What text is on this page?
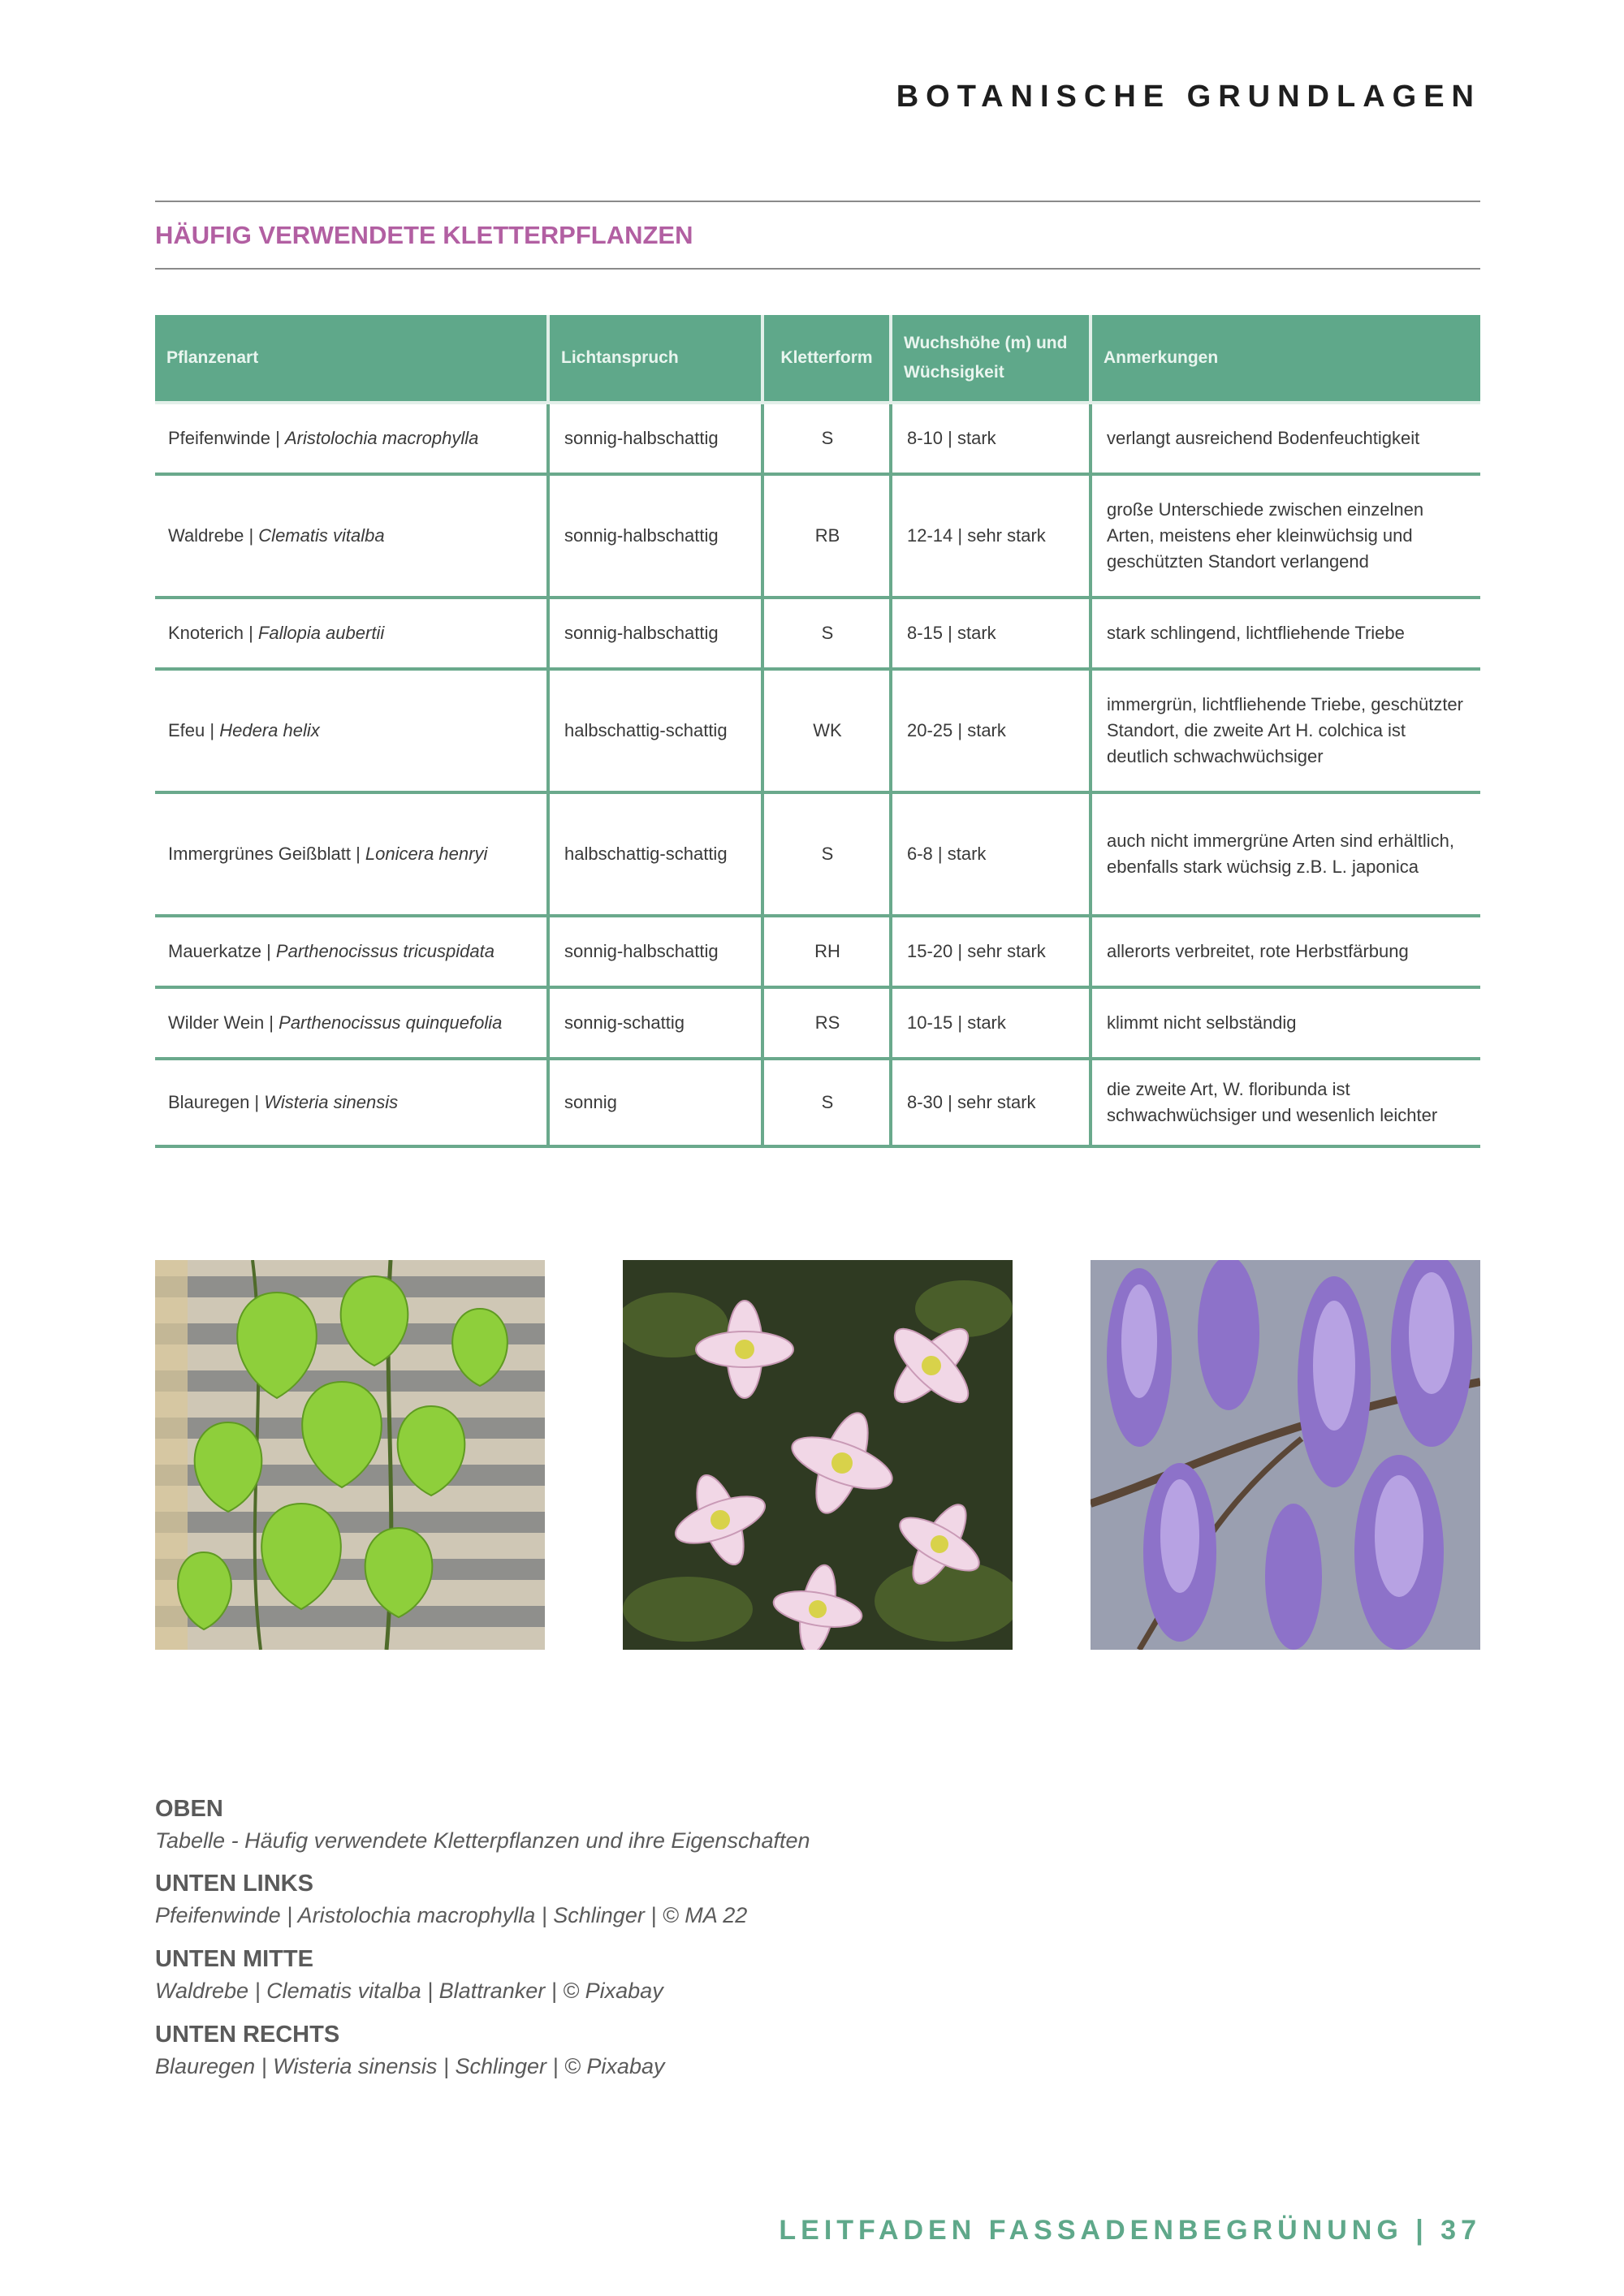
BOTANISCHE GRUNDLAGEN
HÄUFIG VERWENDETE KLETTERPFLANZEN
Pflanzenart	Lichtanspruch	Kletterform	Wuchshöhe (m) und Wüchsigkeit	Anmerkungen
Pfeifenwinde | Aristolochia macrophylla	sonnig-halbschattig	S	8-10 | stark	verlangt ausreichend Bodenfeuchtigkeit
Waldrebe | Clematis vitalba	sonnig-halbschattig	RB	12-14 | sehr stark	große Unterschiede zwischen einzelnen Arten, meistens eher kleinwüchsig und geschützten Standort verlangend
Knoterich | Fallopia aubertii	sonnig-halbschattig	S	8-15 | stark	stark schlingend, lichtfliehende Triebe
Efeu | Hedera helix	halbschattig-schattig	WK	20-25 | stark	immergrün, lichtfliehende Triebe, geschützter Standort, die zweite Art H. colchica ist deutlich schwachwüchsiger
Immergrünes Geißblatt | Lonicera henryi	halbschattig-schattig	S	6-8 | stark	auch nicht immergrüne Arten sind erhältlich, ebenfalls stark wüchsig z.B. L. japonica
Mauerkatze | Parthenocissus tricuspidata	sonnig-halbschattig	RH	15-20 | sehr stark	allerorts verbreitet, rote Herbstfärbung
Wilder Wein | Parthenocissus quinquefolia	sonnig-schattig	RS	10-15 | stark	klimmt nicht selbständig
Blauregen | Wisteria sinensis	sonnig	S	8-30 | sehr stark	die zweite Art, W. floribunda ist schwachwüchsiger und wesenlich leichter
OBEN
Tabelle - Häufig verwendete Kletterpflanzen und ihre Eigenschaften
UNTEN LINKS
Pfeifenwinde | Aristolochia macrophylla | Schlinger | © MA 22
UNTEN MITTE
Waldrebe | Clematis vitalba | Blattranker | © Pixabay
UNTEN RECHTS
Blauregen | Wisteria sinensis | Schlinger | © Pixabay
LEITFADEN FASSADENBEGRÜNUNG | 37
